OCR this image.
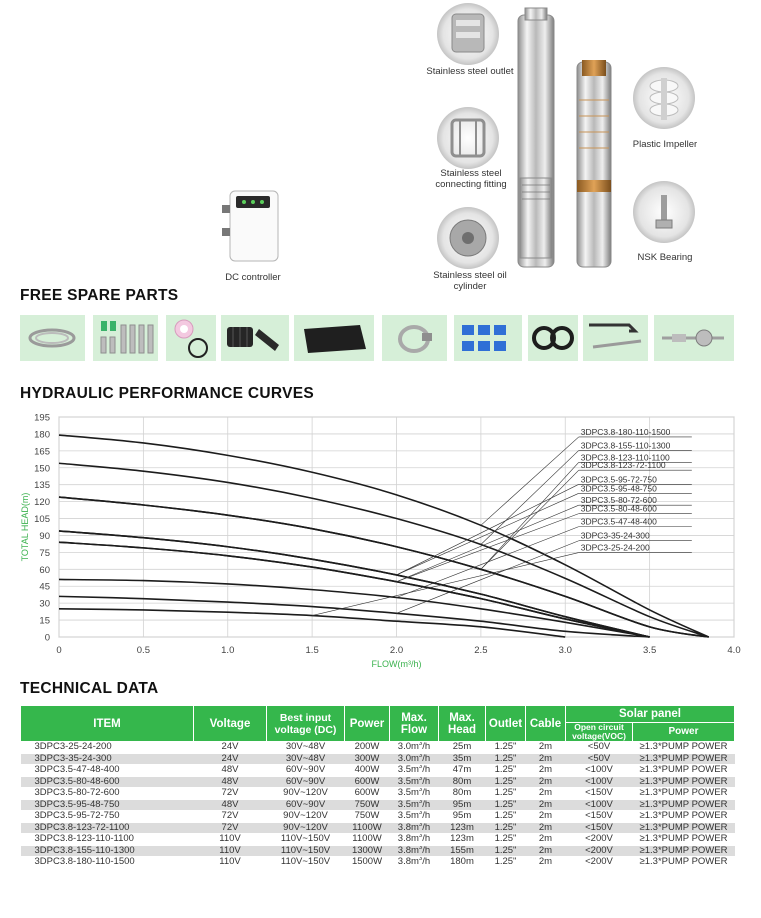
Stainless steel outlet
Stainless steel connecting fitting
Stainless steel oil cylinder
Plastic Impeller
NSK Bearing
DC controller
FREE SPARE PARTS
HYDRAULIC PERFORMANCE CURVES
0
15
30
45
60
75
90
105
120
135
150
165
180
195
0	0.5	1.0	1.5	2.0	2.5	3.0	3.5	4.0
FLOW(m³/h)
TOTAL HEAD(m)
3DPC3.8-180-110-1500
3DPC3.8-155-110-1300
3DPC3.8-123-110-1100
3DPC3.8-123-72-1100
3DPC3.5-95-72-750
3DPC3.5-95-48-750
3DPC3.5-80-72-600
3DPC3.5-80-48-600
3DPC3.5-47-48-400
3DPC3-35-24-300
3DPC3-25-24-200
TECHNICAL DATA
ITEM	Voltage	Best input voltage (DC)	Power	Max. Flow	Max. Head	Outlet	Cable	Solar panel	
								Open circuit voltage(VOC)	Power
3DPC3-25-24-200	24V	30V~48V	200W	$3.0m^3/h$	25m	1.25"	2m	<50V	≥1.3*PUMP POWER
3DPC3-35-24-300	24V	30V~48V	300W	$3.0m^3/h$	35m	1.25"	2m	<50V	≥1.3*PUMP POWER
3DPC3.5-47-48-400	48V	60V~90V	400W	$3.5m^3/h$	47m	1.25"	2m	<100V	≥1.3*PUMP POWER
3DPC3.5-80-48-600	48V	60V~90V	600W	$3.5m^3/h$	80m	1.25"	2m	<100V	≥1.3*PUMP POWER
3DPC3.5-80-72-600	72V	90V~120V	600W	$3.5m^3/h$	80m	1.25"	2m	<150V	≥1.3*PUMP POWER
3DPC3.5-95-48-750	48V	60V~90V	750W	$3.5m^3/h$	95m	1.25"	2m	<100V	≥1.3*PUMP POWER
3DPC3.5-95-72-750	72V	90V~120V	750W	$3.5m^3/h$	95m	1.25"	2m	<150V	≥1.3*PUMP POWER
3DPC3.8-123-72-1100	72V	90V~120V	1100W	$3.8m^3/h$	123m	1.25"	2m	<150V	≥1.3*PUMP POWER
3DPC3.8-123-110-1100	110V	110V~150V	1100W	$3.8m^3/h$	123m	1.25"	2m	<200V	≥1.3*PUMP POWER
3DPC3.8-155-110-1300	110V	110V~150V	1300W	$3.8m^3/h$	155m	1.25"	2m	<200V	≥1.3*PUMP POWER
3DPC3.8-180-110-1500	110V	110V~150V	1500W	$3.8m^3/h$	180m	1.25"	2m	<200V	≥1.3*PUMP POWER
